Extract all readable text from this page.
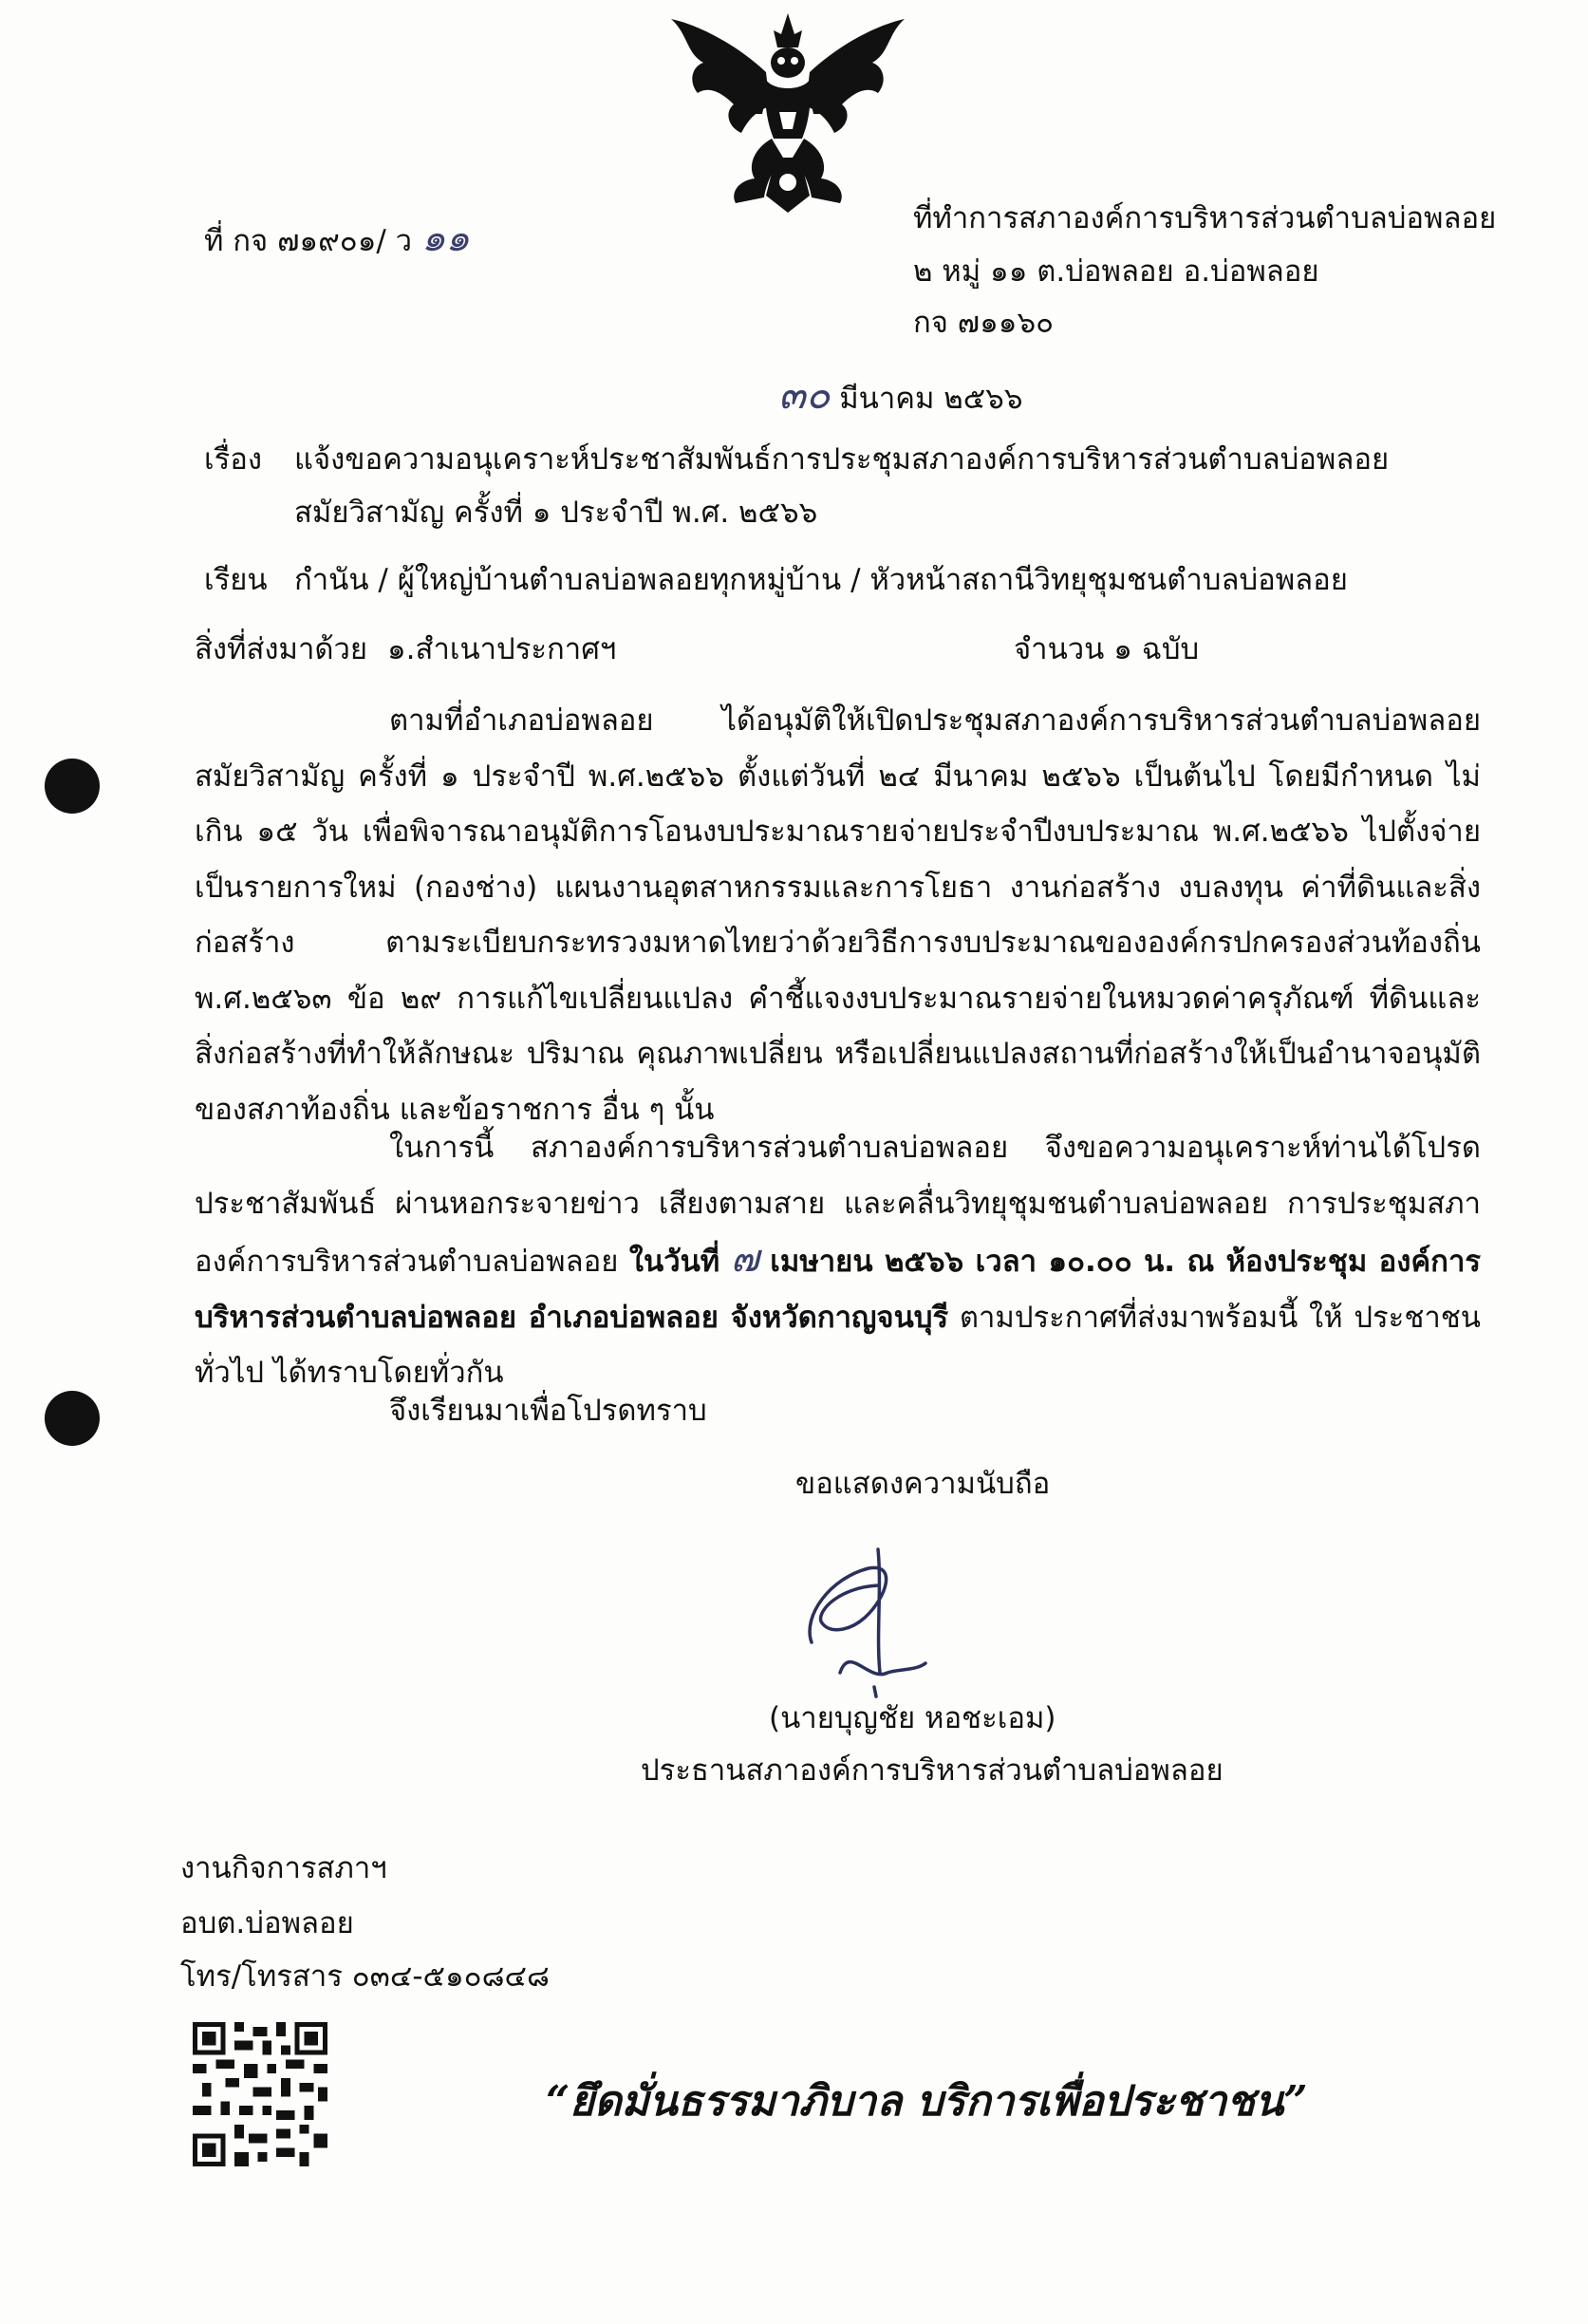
ที่ กจ ๗๑๙๐๑/ ว ๑๑	ที่ทำการสภาองค์การบริหารส่วนตำบลบ่อพลอย
๒ หมู่ ๑๑ ต.บ่อพลอย อ.บ่อพลอย
กจ ๗๑๑๖๐
๓๐ มีนาคม ๒๕๖๖
เรื่อง แจ้งขอความอนุเคราะห์ประชาสัมพันธ์การประชุมสภาองค์การบริหารส่วนตำบลบ่อพลอย
สมัยวิสามัญ ครั้งที่ ๑ ประจำปี พ.ศ. ๒๕๖๖
เรียน กำนัน / ผู้ใหญ่บ้านตำบลบ่อพลอยทุกหมู่บ้าน / หัวหน้าสถานีวิทยุชุมชนตำบลบ่อพลอย
สิ่งที่ส่งมาด้วย ๑.สำเนาประกาศฯ	จำนวน ๑ ฉบับ
ตามที่อำเภอบ่อพลอย ได้อนุมัติให้เปิดประชุมสภาองค์การบริหารส่วนตำบลบ่อพลอย สมัยวิสามัญ ครั้งที่ ๑ ประจำปี พ.ศ.๒๕๖๖ ตั้งแต่วันที่ ๒๔ มีนาคม ๒๕๖๖ เป็นต้นไป โดยมีกำหนด ไม่เกิน ๑๕ วัน เพื่อพิจารณาอนุมัติการโอนงบประมาณรายจ่ายประจำปีงบประมาณ พ.ศ.๒๕๖๖ ไปตั้งจ่าย เป็นรายการใหม่ (กองช่าง) แผนงานอุตสาหกรรมและการโยธา งานก่อสร้าง งบลงทุน ค่าที่ดินและสิ่งก่อสร้าง ตามระเบียบกระทรวงมหาดไทยว่าด้วยวิธีการงบประมาณขององค์กรปกครองส่วนท้องถิ่น พ.ศ.๒๕๖๓ ข้อ ๒๙ การแก้ไขเปลี่ยนแปลง คำชี้แจงงบประมาณรายจ่ายในหมวดค่าครุภัณฑ์ ที่ดินและสิ่งก่อสร้างที่ทำให้ลักษณะ ปริมาณ คุณภาพเปลี่ยน หรือเปลี่ยนแปลงสถานที่ก่อสร้างให้เป็นอำนาจอนุมัติของสภาท้องถิ่น และข้อราชการ อื่น ๆ นั้น
ในการนี้ สภาองค์การบริหารส่วนตำบลบ่อพลอย จึงขอความอนุเคราะห์ท่านได้โปรด ประชาสัมพันธ์ ผ่านหอกระจายข่าว เสียงตามสาย และคลื่นวิทยุชุมชนตำบลบ่อพลอย การประชุมสภา องค์การบริหารส่วนตำบลบ่อพลอย ในวันที่ ๗ เมษายน ๒๕๖๖ เวลา ๑๐.๐๐ น. ณ ห้องประชุม องค์การบริหารส่วนตำบลบ่อพลอย อำเภอบ่อพลอย จังหวัดกาญจนบุรี ตามประกาศที่ส่งมาพร้อมนี้ ให้ ประชาชนทั่วไป ได้ทราบโดยทั่วกัน
จึงเรียนมาเพื่อโปรดทราบ
ขอแสดงความนับถือ
(นายบุญชัย หอชะเอม)
ประธานสภาองค์การบริหารส่วนตำบลบ่อพลอย
งานกิจการสภาฯ
อบต.บ่อพลอย
โทร/โทรสาร ๐๓๔-๕๑๐๘๔๘
“ยึดมั่นธรรมาภิบาล บริการเพื่อประชาชน”
